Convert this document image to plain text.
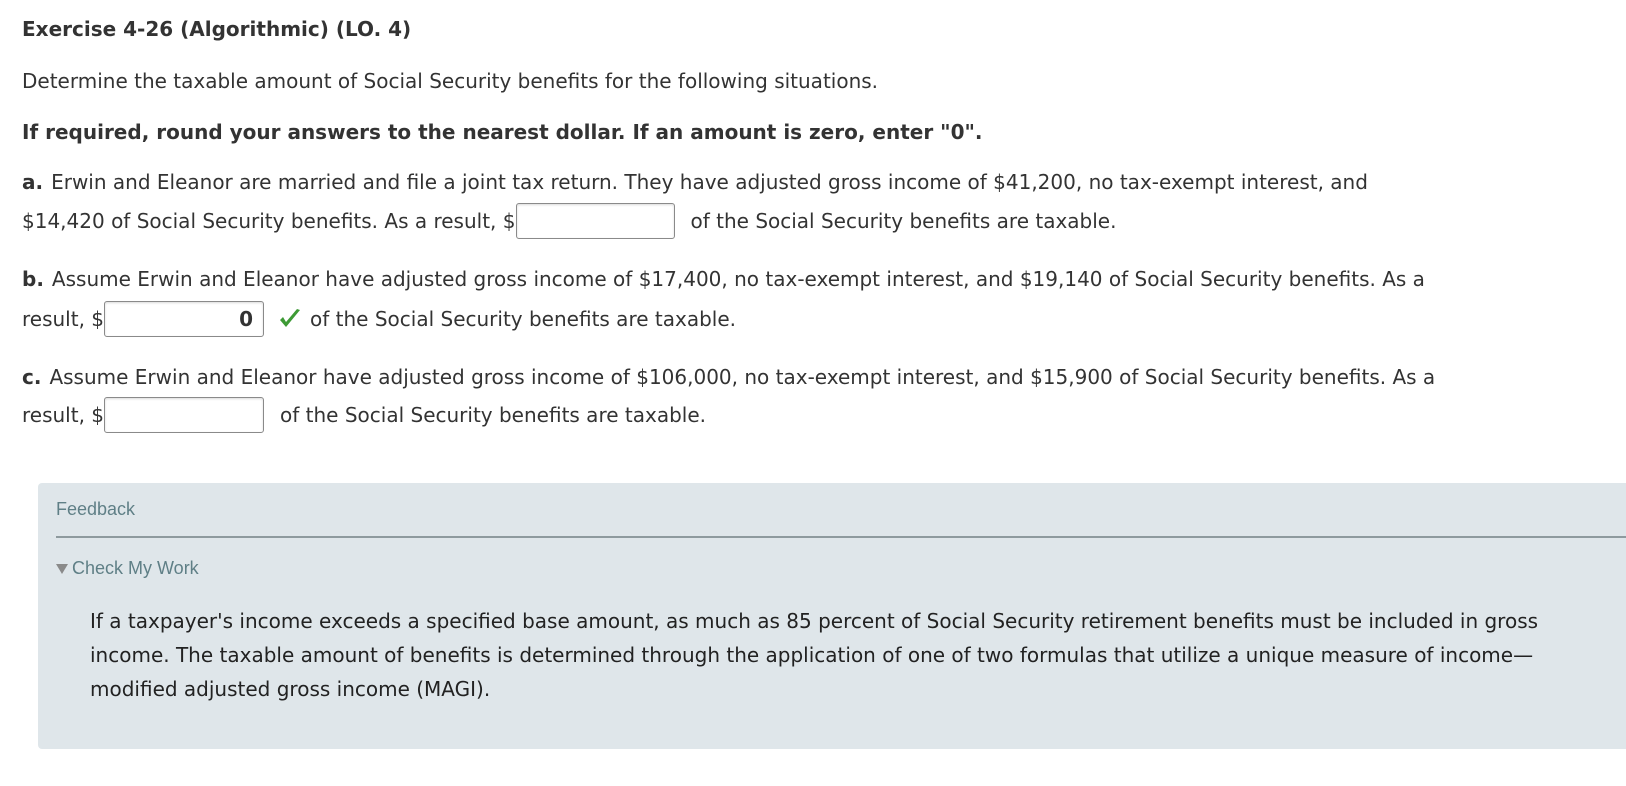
Exercise 4-26 (Algorithmic) (LO. 4)
Determine the taxable amount of Social Security benefits for the following situations.
If required, round your answers to the nearest dollar. If an amount is zero, enter "0".
a. Erwin and Eleanor are married and file a joint tax return. They have adjusted gross income of $41,200, no tax-exempt interest, and
$14,420 of Social Security benefits. As a result, $	of the Social Security benefits are taxable.
b. Assume Erwin and Eleanor have adjusted gross income of $17,400, no tax-exempt interest, and $19,140 of Social Security benefits. As a
result, $	0	of the Social Security benefits are taxable.
c. Assume Erwin and Eleanor have adjusted gross income of $106,000, no tax-exempt interest, and $15,900 of Social Security benefits. As a
result, $	of the Social Security benefits are taxable.
Feedback
Check My Work
If a taxpayer's income exceeds a specified base amount, as much as 85 percent of Social Security retirement benefits must be included in gross income. The taxable amount of benefits is determined through the application of one of two formulas that utilize a unique measure of income—modified adjusted gross income (MAGI).
